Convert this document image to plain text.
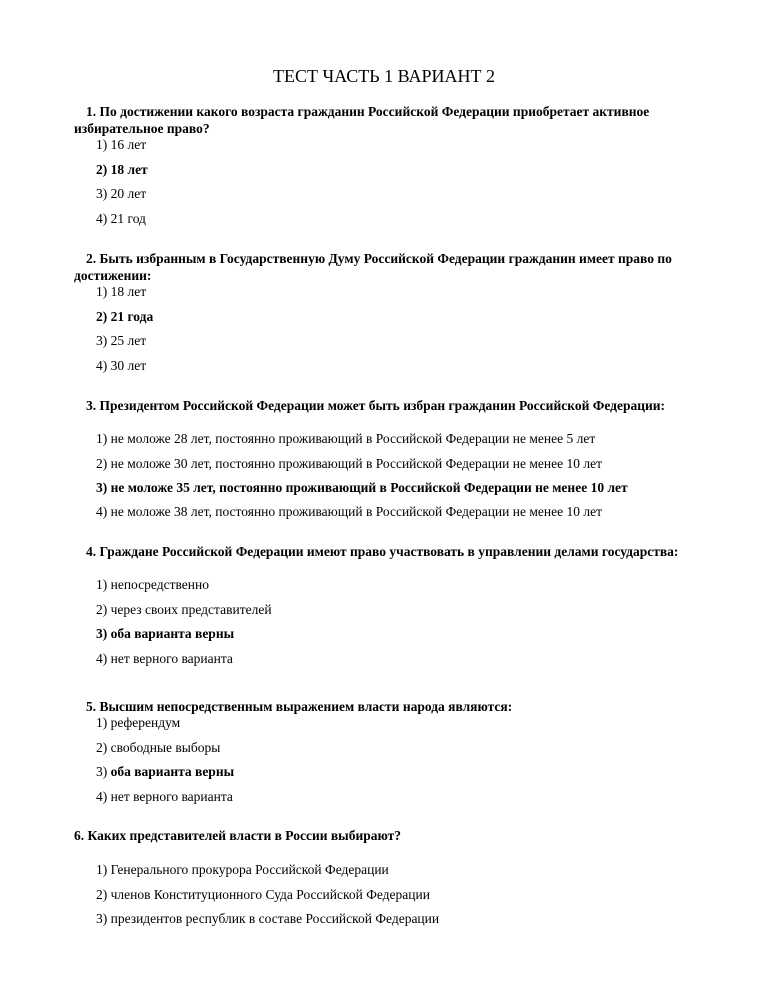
ТЕСТ ЧАСТЬ 1 ВАРИАНТ 2
1. По достижении какого возраста гражданин Российской Федерации приобретает активное избирательное право?
1) 16 лет
2) 18 лет
3) 20 лет
4) 21 год
2. Быть избранным в Государственную Думу Российской Федерации гражданин имеет право по достижении:
1) 18 лет
2) 21 года
3) 25 лет
4) 30 лет
3. Президентом Российской Федерации может быть избран гражданин Российской Федерации:
1) не моложе 28 лет, постоянно проживающий в Российской Федерации не менее 5 лет
2) не моложе 30 лет, постоянно проживающий в Российской Федерации не менее 10 лет
3) не моложе 35 лет, постоянно проживающий в Российской Федерации не менее 10 лет
4) не моложе 38 лет, постоянно проживающий в Российской Федерации не менее 10 лет
4. Граждане Российской Федерации имеют право участвовать в управлении делами государства:
1) непосредственно
2) через своих представителей
3) оба варианта верны
4) нет верного варианта
5. Высшим непосредственным выражением власти народа являются:
1) референдум
2) свободные выборы
3) оба варианта верны
4) нет верного варианта
6. Каких представителей власти в России выбирают?
1) Генерального прокурора Российской Федерации
2) членов Конституционного Суда Российской Федерации
3) президентов республик в составе Российской Федерации
